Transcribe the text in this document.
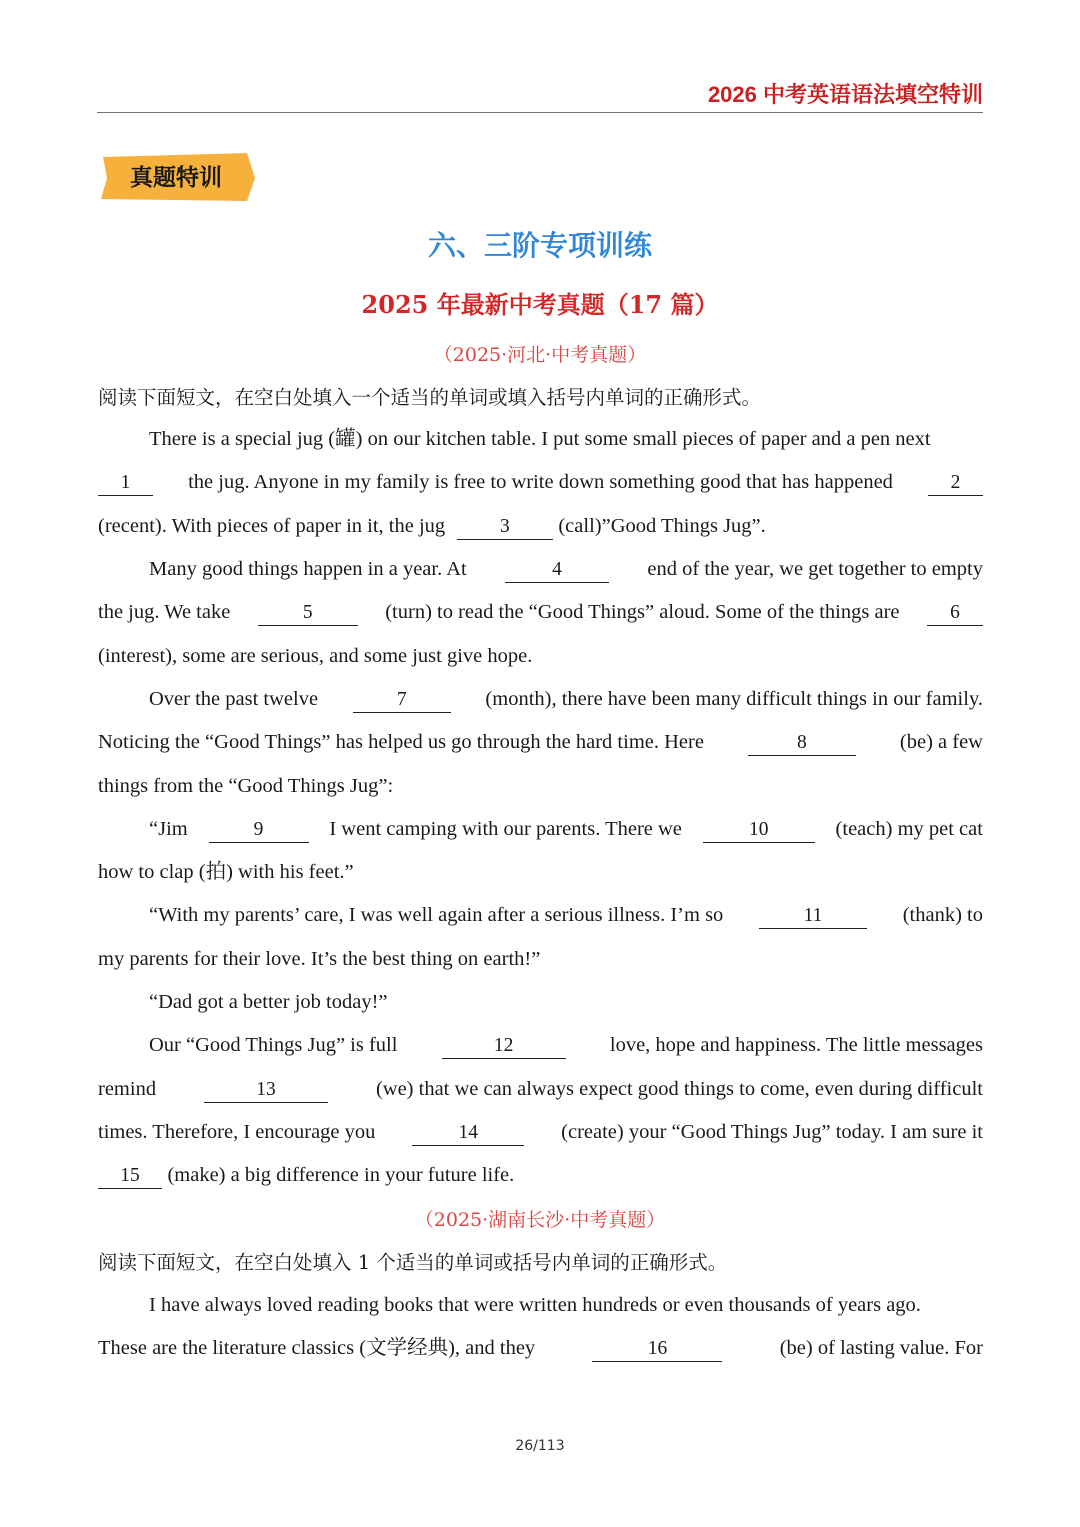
2026 中考英语语法填空特训
真题特训
六、三阶专项训练
2025 年最新中考真题（17 篇）
（2025·河北·中考真题）
阅读下面短文，在空白处填入一个适当的单词或填入括号内单词的正确形式。
There is a special jug (罐) on our kitchen table. I put some small pieces of paper and a pen next
1	the jug. Anyone in my family is free to write down something good that has happened	2
(recent). With pieces of paper in it, the jug	3	(call)”Good Things Jug”.
Many good things happen in a year. At	4	end of the year, we get together to empty
the jug. We take	5	(turn) to read the “Good Things” aloud. Some of the things are	6
(interest), some are serious, and some just give hope.
Over the past twelve	7	(month), there have been many difficult things in our family.
Noticing the “Good Things” has helped us go through the hard time. Here	8	(be) a few
things from the “Good Things Jug”:
“Jim	9	I went camping with our parents. There we	10	(teach) my pet cat
how to clap (拍) with his feet.”
“With my parents’ care, I was well again after a serious illness. I’m so	11	(thank) to
my parents for their love. It’s the best thing on earth!”
“Dad got a better job today!”
Our “Good Things Jug” is full	12	love, hope and happiness. The little messages
remind	13	(we) that we can always expect good things to come, even during difficult
times. Therefore, I encourage you	14	(create) your “Good Things Jug” today. I am sure it
15	(make) a big difference in your future life.
（2025·湖南长沙·中考真题）
阅读下面短文，在空白处填入 1 个适当的单词或括号内单词的正确形式。
I have always loved reading books that were written hundreds or even thousands of years ago.
These are the literature classics (文学经典), and they	16	(be) of lasting value. For
26/113
